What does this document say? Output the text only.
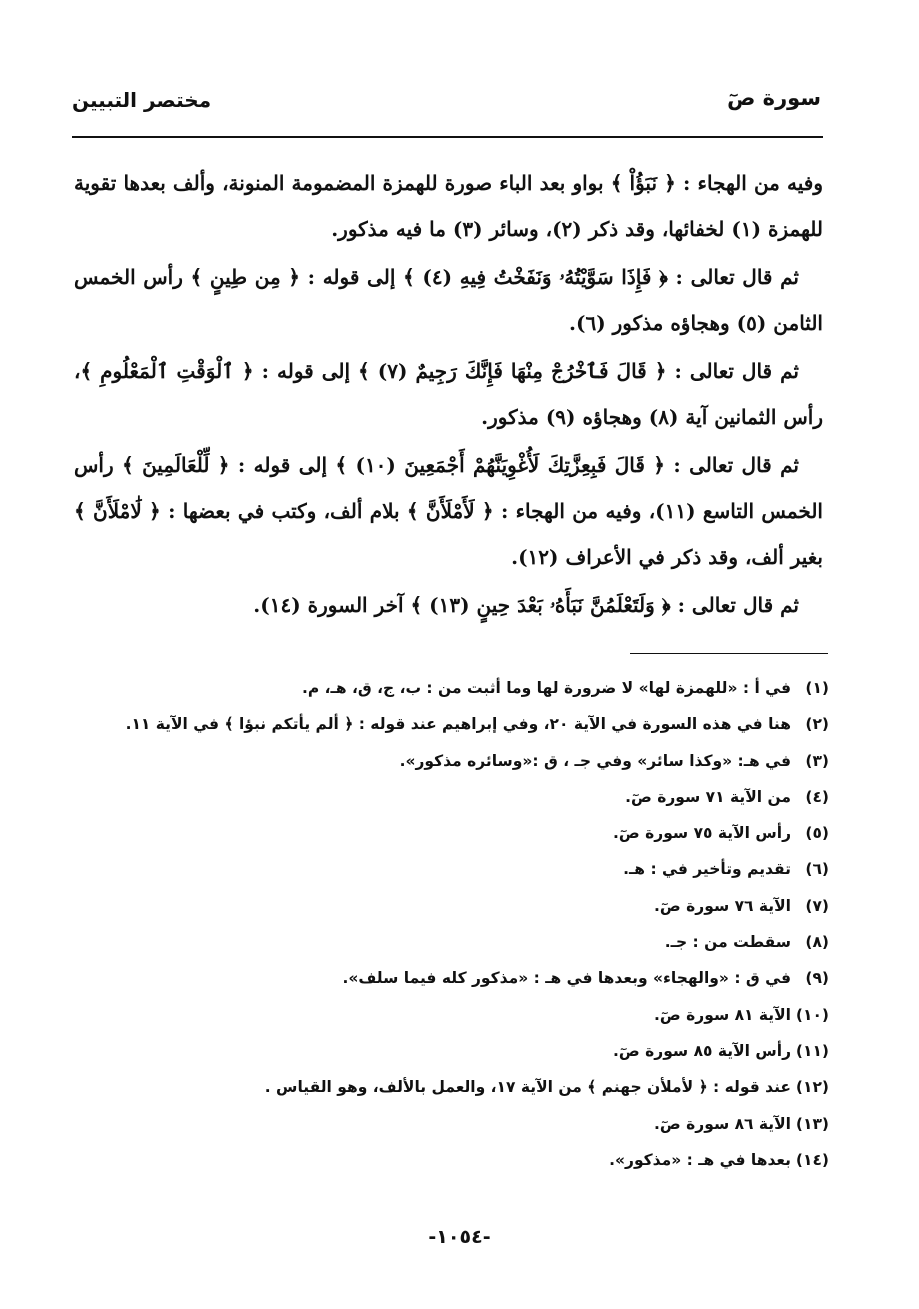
سورة صٓ
مختصر التبيين

وفيه من الهجاء : ﴿ نَبَؤُاْ ﴾ بواو بعد الباء صورة للهمزة المضمومة المنونة، وألف بعدها تقوية للهمزة (١) لخفائها، وقد ذكر (٢)، وسائر (٣) ما فيه مذكور.

ثم قال تعالى : ﴿ فَإِذَا سَوَّيْتُهُۥ وَنَفَخْتُ فِيهِ (٤) ﴾ إلى قوله : ﴿ مِن طِينٍ ﴾ رأس الخمس الثامن (٥) وهجاؤه مذكور (٦).

ثم قال تعالى : ﴿ قَالَ فَٱخْرُجْ مِنْهَا فَإِنَّكَ رَجِيمٌ (٧) ﴾ إلى قوله : ﴿ ٱلْوَقْتِ ٱلْمَعْلُومِ ﴾، رأس الثمانين آية (٨) وهجاؤه (٩) مذكور.

ثم قال تعالى : ﴿ قَالَ فَبِعِزَّتِكَ لَأُغْوِيَنَّهُمْ أَجْمَعِينَ (١٠) ﴾ إلى قوله : ﴿ لِّلْعَالَمِينَ ﴾ رأس الخمس التاسع (١١)، وفيه من الهجاء : ﴿ لَأَمْلَأَنَّ ﴾ بلام ألف، وكتب في بعضها : ﴿ لَٰامْلَأَنَّ ﴾ بغير ألف، وقد ذكر في الأعراف (١٢).

ثم قال تعالى : ﴿ وَلَتَعْلَمُنَّ نَبَأَهُۥ بَعْدَ حِينٍ (١٣) ﴾ آخر السورة (١٤).

(١)
في أ : «للهمزة لها» لا ضرورة لها وما أثبت من : ب، ج، ق، هـ، م.
(٢)
هنا في هذه السورة في الآية ٢٠، وفي إبراهيم عند قوله : ﴿ ألم يأتكم نبؤا ﴾ في الآية ١١.
(٣)
في هـ: «وكذا سائر» وفي جـ ، ق :«وسائره مذكور».
(٤)
من الآية ٧١ سورة صٓ.
(٥)
رأس الآية ٧٥ سورة صٓ.
(٦)
تقديم وتأخير في : هـ.
(٧)
الآية ٧٦ سورة صٓ.
(٨)
سقطت من : جـ.
(٩)
في ق : «والهجاء» وبعدها في هـ : «مذكور كله فيما سلف».
(١٠)
الآية ٨١ سورة صٓ.
(١١)
رأس الآية ٨٥ سورة صٓ.
(١٢)
عند قوله : ﴿ لأملأن جهنم ﴾ من الآية ١٧، والعمل بالألف، وهو القياس .
(١٣)
الآية ٨٦ سورة صٓ.
(١٤)
بعدها في هـ : «مذكور».
-١٠٥٤-
